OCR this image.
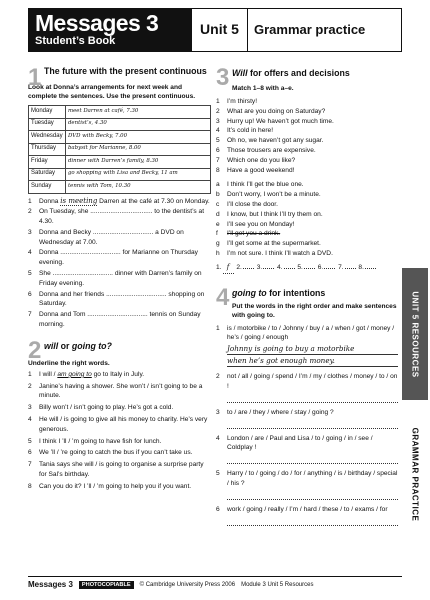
Messages 3
Student’s Book
Unit 5	Grammar practice
1 The future with the present continuous
Look at Donna’s arrangements for next week and complete the sentences. Use the present continuous.
Monday	meet Darren at café, 7.30
Tuesday	dentist’s, 4.30
Wednesday	DVD with Becky, 7.00
Thursday	babysit for Marianne, 8.00
Friday	dinner with Darren’s family, 8.30
Saturday	go shopping with Lisa and Becky, 11 am
Sunday	tennis with Tom, 10.30
1	Donna is meeting Darren at the café at 7.30 on Monday.
2	On Tuesday, she .................................. to the dentist’s at 4.30.
3	Donna and Becky ................................. a DVD on Wednesday at 7.00.
4	Donna ................................. for Marianne on Thursday evening.
5	She ................................. dinner with Darren’s family on Friday evening.
6	Donna and her friends ................................. shopping on Saturday.
7	Donna and Tom ................................. tennis on Sunday morning.
2 will or going to?
Underline the right words.
1	I will / am going to go to Italy in July.
2	Janine’s having a shower. She won’t / isn’t going to be a minute.
3	Billy won’t / isn’t going to play. He’s got a cold.
4	He will / is going to give all his money to charity. He’s very generous.
5	I think I ’ll / ’m going to have fish for lunch.
6	We ’ll / ’re going to catch the bus if you can’t take us.
7	Tania says she will / is going to organise a surprise party for Sal’s birthday.
8	Can you do it? I ’ll / ’m going to help you if you want.
3 Will for offers and decisions
Match 1–8 with a–e.
1	I’m thirsty!
2	What are you doing on Saturday?
3	Hurry up! We haven’t got much time.
4	It’s cold in here!
5	Oh no, we haven’t got any sugar.
6	Those trousers are expensive.
7	Which one do you like?
8	Have a good weekend!
a	I think I’ll get the blue one.
b	Don’t worry, I won’t be a minute.
c	I’ll close the door.
d	I know, but I think I’ll try them on.
e	I’ll see you on Monday!
f	I’ll get you a drink.
g	I’ll get some at the supermarket.
h	I’m not sure. I think I’ll watch a DVD.
1. f 2. 3. 4. 5. 6. 7. 8.
4 going to for intentions
Put the words in the right order and make sentences with going to.
1	is / motorbike / to / Johnny / buy / a / when / got / money / he’s / going / enough
Johnny is going to buy a motorbike
when he’s got enough money.
2	not / all / going / spend / I’m / my / clothes / money / to / on !
3	to / are / they / where / stay / going ?
4	London / are / Paul and Lisa / to / going / in / see / Coldplay !
5	Harry / to / going / do / for / anything / is / birthday / special / his ?
6	work / going / really / I’m / hard / these / to / exams / for
UNIT 5 RESOURCES
GRAMMAR PRACTICE
Messages 3	PHOTOCOPIABLE	© Cambridge University Press 2006 Module 3 Unit 5 Resources
